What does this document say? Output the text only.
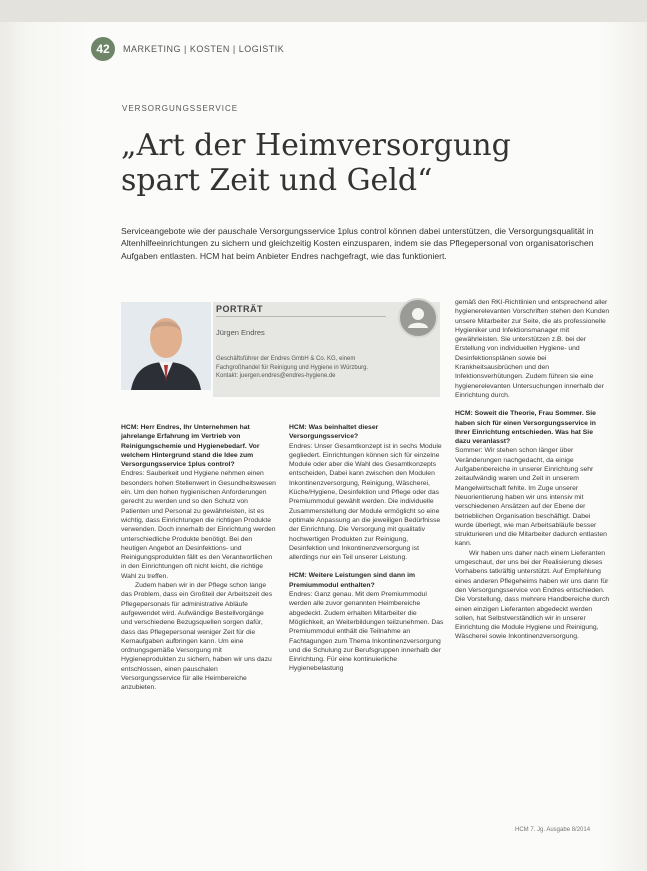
42	MARKETING | KOSTEN | LOGISTIK
VERSORGUNGSSERVICE
„Art der Heimversorgung
spart Zeit und Geld“

Serviceangebote wie der pauschale Versorgungsservice 1plus control können dabei unterstützen, die Versorgungsqualität in Altenhilfeeinrichtungen zu sichern und gleichzeitig Kosten einzusparen, indem sie das Pflegepersonal von organisatorischen Aufgaben entlasten. HCM hat beim Anbieter Endres nachgefragt, wie das funktioniert.

PORTRÄT
Jürgen Endres

Geschäftsführer der Endres GmbH & Co. KG, einem
Fachgroßhandel für Reinigung und Hygiene in Würzburg.
Kontakt: juergen.endres@endres-hygiene.de

HCM: Herr Endres, Ihr Unternehmen hat jahrelange Erfahrung im Vertrieb von Reinigungschemie und Hygienebedarf. Vor welchem Hintergrund stand die Idee zum Versorgungsservice 1plus control?

Endres: Sauberkeit und Hygiene nehmen einen besonders hohen Stellenwert in Gesundheitswesen ein. Um den hohen hygienischen Anforderungen gerecht zu werden und so den Schutz von Patienten und Personal zu gewährleisten, ist es wichtig, dass Einrichtungen die richtigen Produkte verwenden. Doch innerhalb der Einrichtung werden unterschiedliche Produkte benötigt. Bei den heutigen Angebot an Desinfektions- und Reinigungsprodukten fällt es den Verantwortlichen in den Einrichtungen oft nicht leicht, die richtige Wahl zu treffen.

Zudem haben wir in der Pflege schon lange das Problem, dass ein Großteil der Arbeitszeit des Pflegepersonals für administrative Abläufe aufgewendet wird. Aufwändige Bestellvorgänge und verschiedene Bezugsquellen sorgen dafür, dass das Pflegepersonal weniger Zeit für die Kernaufgaben aufbringen kann. Um eine ordnungsgemäße Versorgung mit Hygieneprodukten zu sichern, haben wir uns dazu entschlossen, einen pauschalen Versorgungsservice für alle Heimbereiche anzubieten.

HCM: Was beinhaltet dieser Versorgungsservice?

Endres: Unser Gesamtkonzept ist in sechs Module gegliedert. Einrichtungen können sich für einzelne Module oder aber die Wahl des Gesamtkonzepts entscheiden, Dabei kann zwischen den Modulen Inkontinenzversorgung, Reinigung, Wäscherei, Küche/Hygiene, Desinfektion und Pflege oder das Premiummodul gewählt werden. Die individuelle Zusammenstellung der Module ermöglicht so eine optimale Anpassung an die jeweiligen Bedürfnisse der Einrichtung. Die Versorgung mit qualitativ hochwertigen Produkten zur Reinigung, Desinfektion und Inkontinenzversorgung ist allerdings nur ein Teil unserer Leistung.

HCM: Weitere Leistungen sind dann im Premiummodul enthalten?

Endres: Ganz genau. Mit dem Premiummodul werden alle zuvor genannten Heimbereiche abgedeckt. Zudem erhalten Mitarbeiter die Möglichkeit, an Weiterbildungen teilzunehmen. Das Premiummodul enthält die Teilnahme an Fachtagungen zum Thema Inkontinenzversorgung und die Schulung zur Berufsgruppen innerhalb der Einrichtung. Für eine kontinuierliche Hygienebelastung

gemäß den RKI-Richtlinien und entsprechend aller hygienerelevanten Vorschriften stehen den Kunden unsere Mitarbeiter zur Seite, die als professionelle Hygieniker und Infektionsmanager mit gewährleisten. Sie unterstützen z.B. bei der Erstellung von individuellen Hygiene- und Desinfektionsplänen sowie bei Krankheitsausbrüchen und den Infektionsverhütungen. Zudem führen sie eine hygienerelevanten Untersuchungen innerhalb der Einrichtung durch.

HCM: Soweit die Theorie, Frau Sommer. Sie haben sich für einen Versorgungsservice in Ihrer Einrichtung entschieden. Was hat Sie dazu veranlasst?

Sommer: Wir stehen schon länger über Veränderungen nachgedacht, da einige Aufgabenbereiche in unserer Einrichtung sehr zeitaufwändig waren und Zeit in unserem Mangelwirtschaft fehlte. Im Zuge unserer Neuorientierung haben wir uns intensiv mit verschiedenen Ansätzen auf der Ebene der betrieblichen Organisation beschäftigt. Dabei wurde überlegt, wie man Arbeitsabläufe besser strukturieren und die Mitarbeiter dadurch entlasten kann.

Wir haben uns daher nach einem Lieferanten umgeschaut, der uns bei der Realisierung dieses Vorhabens tatkräftig unterstützt. Auf Empfehlung eines anderen Pflegeheims haben wir uns dann für den Versorgungsservice von Endres entschieden. Die Vorstellung, dass mehrere Handbereiche durch einen einzigen Lieferanten abgedeckt werden sollen, hat Selbstverständlich wir in unserer Einrichtung die Module Hygiene und Reinigung, Wäscherei sowie Inkontinenzversorgung.

HCM 7. Jg. Ausgabe 8/2014
